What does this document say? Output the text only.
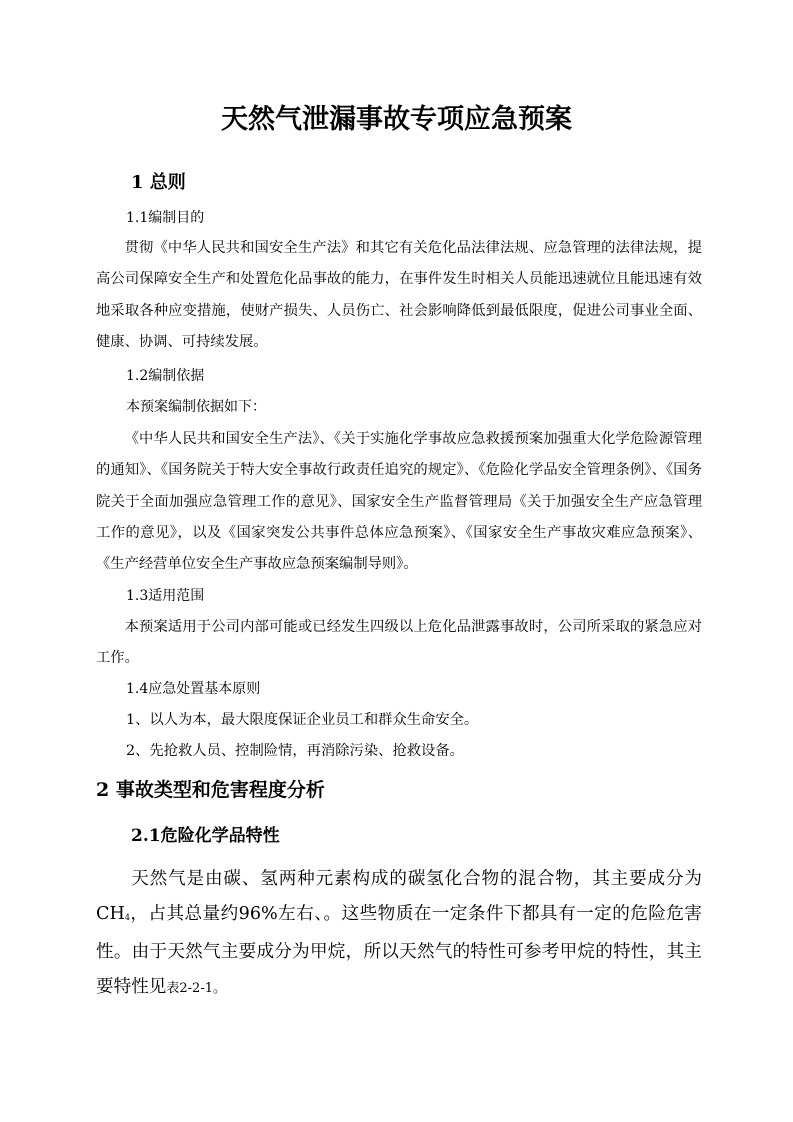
天然气泄漏事故专项应急预案
1 总则
1.1编制目的

贯彻《中华人民共和国安全生产法》和其它有关危化品法律法规、应急管理的法律法规，提高公司保障安全生产和处置危化品事故的能力，在事件发生时相关人员能迅速就位且能迅速有效地采取各种应变措施，使财产损失、人员伤亡、社会影响降低到最低限度，促进公司事业全面、健康、协调、可持续发展。

1.2编制依据
本预案编制依据如下：

《中华人民共和国安全生产法》、《关于实施化学事故应急救援预案加强重大化学危险源管理的通知》、《国务院关于特大安全事故行政责任追究的规定》、《危险化学品安全管理条例》、《国务院关于全面加强应急管理工作的意见》、国家安全生产监督管理局《关于加强安全生产应急管理工作的意见》，以及《国家突发公共事件总体应急预案》、《国家安全生产事故灾难应急预案》、《生产经营单位安全生产事故应急预案编制导则》。

1.3适用范围

本预案适用于公司内部可能或已经发生四级以上危化品泄露事故时，公司所采取的紧急应对工作。

1.4应急处置基本原则
1、以人为本，最大限度保证企业员工和群众生命安全。
2、先抢救人员、控制险情，再消除污染、抢救设备。
2 事故类型和危害程度分析
2.1危险化学品特性

天然气是由碳、氢两种元素构成的碳氢化合物的混合物，其主要成分为$CH_4$，占其总量约96%左右、。这些物质在一定条件下都具有一定的危险危害性。由于天然气主要成分为甲烷，所以天然气的特性可参考甲烷的特性，其主要特性见表2-2-1。
